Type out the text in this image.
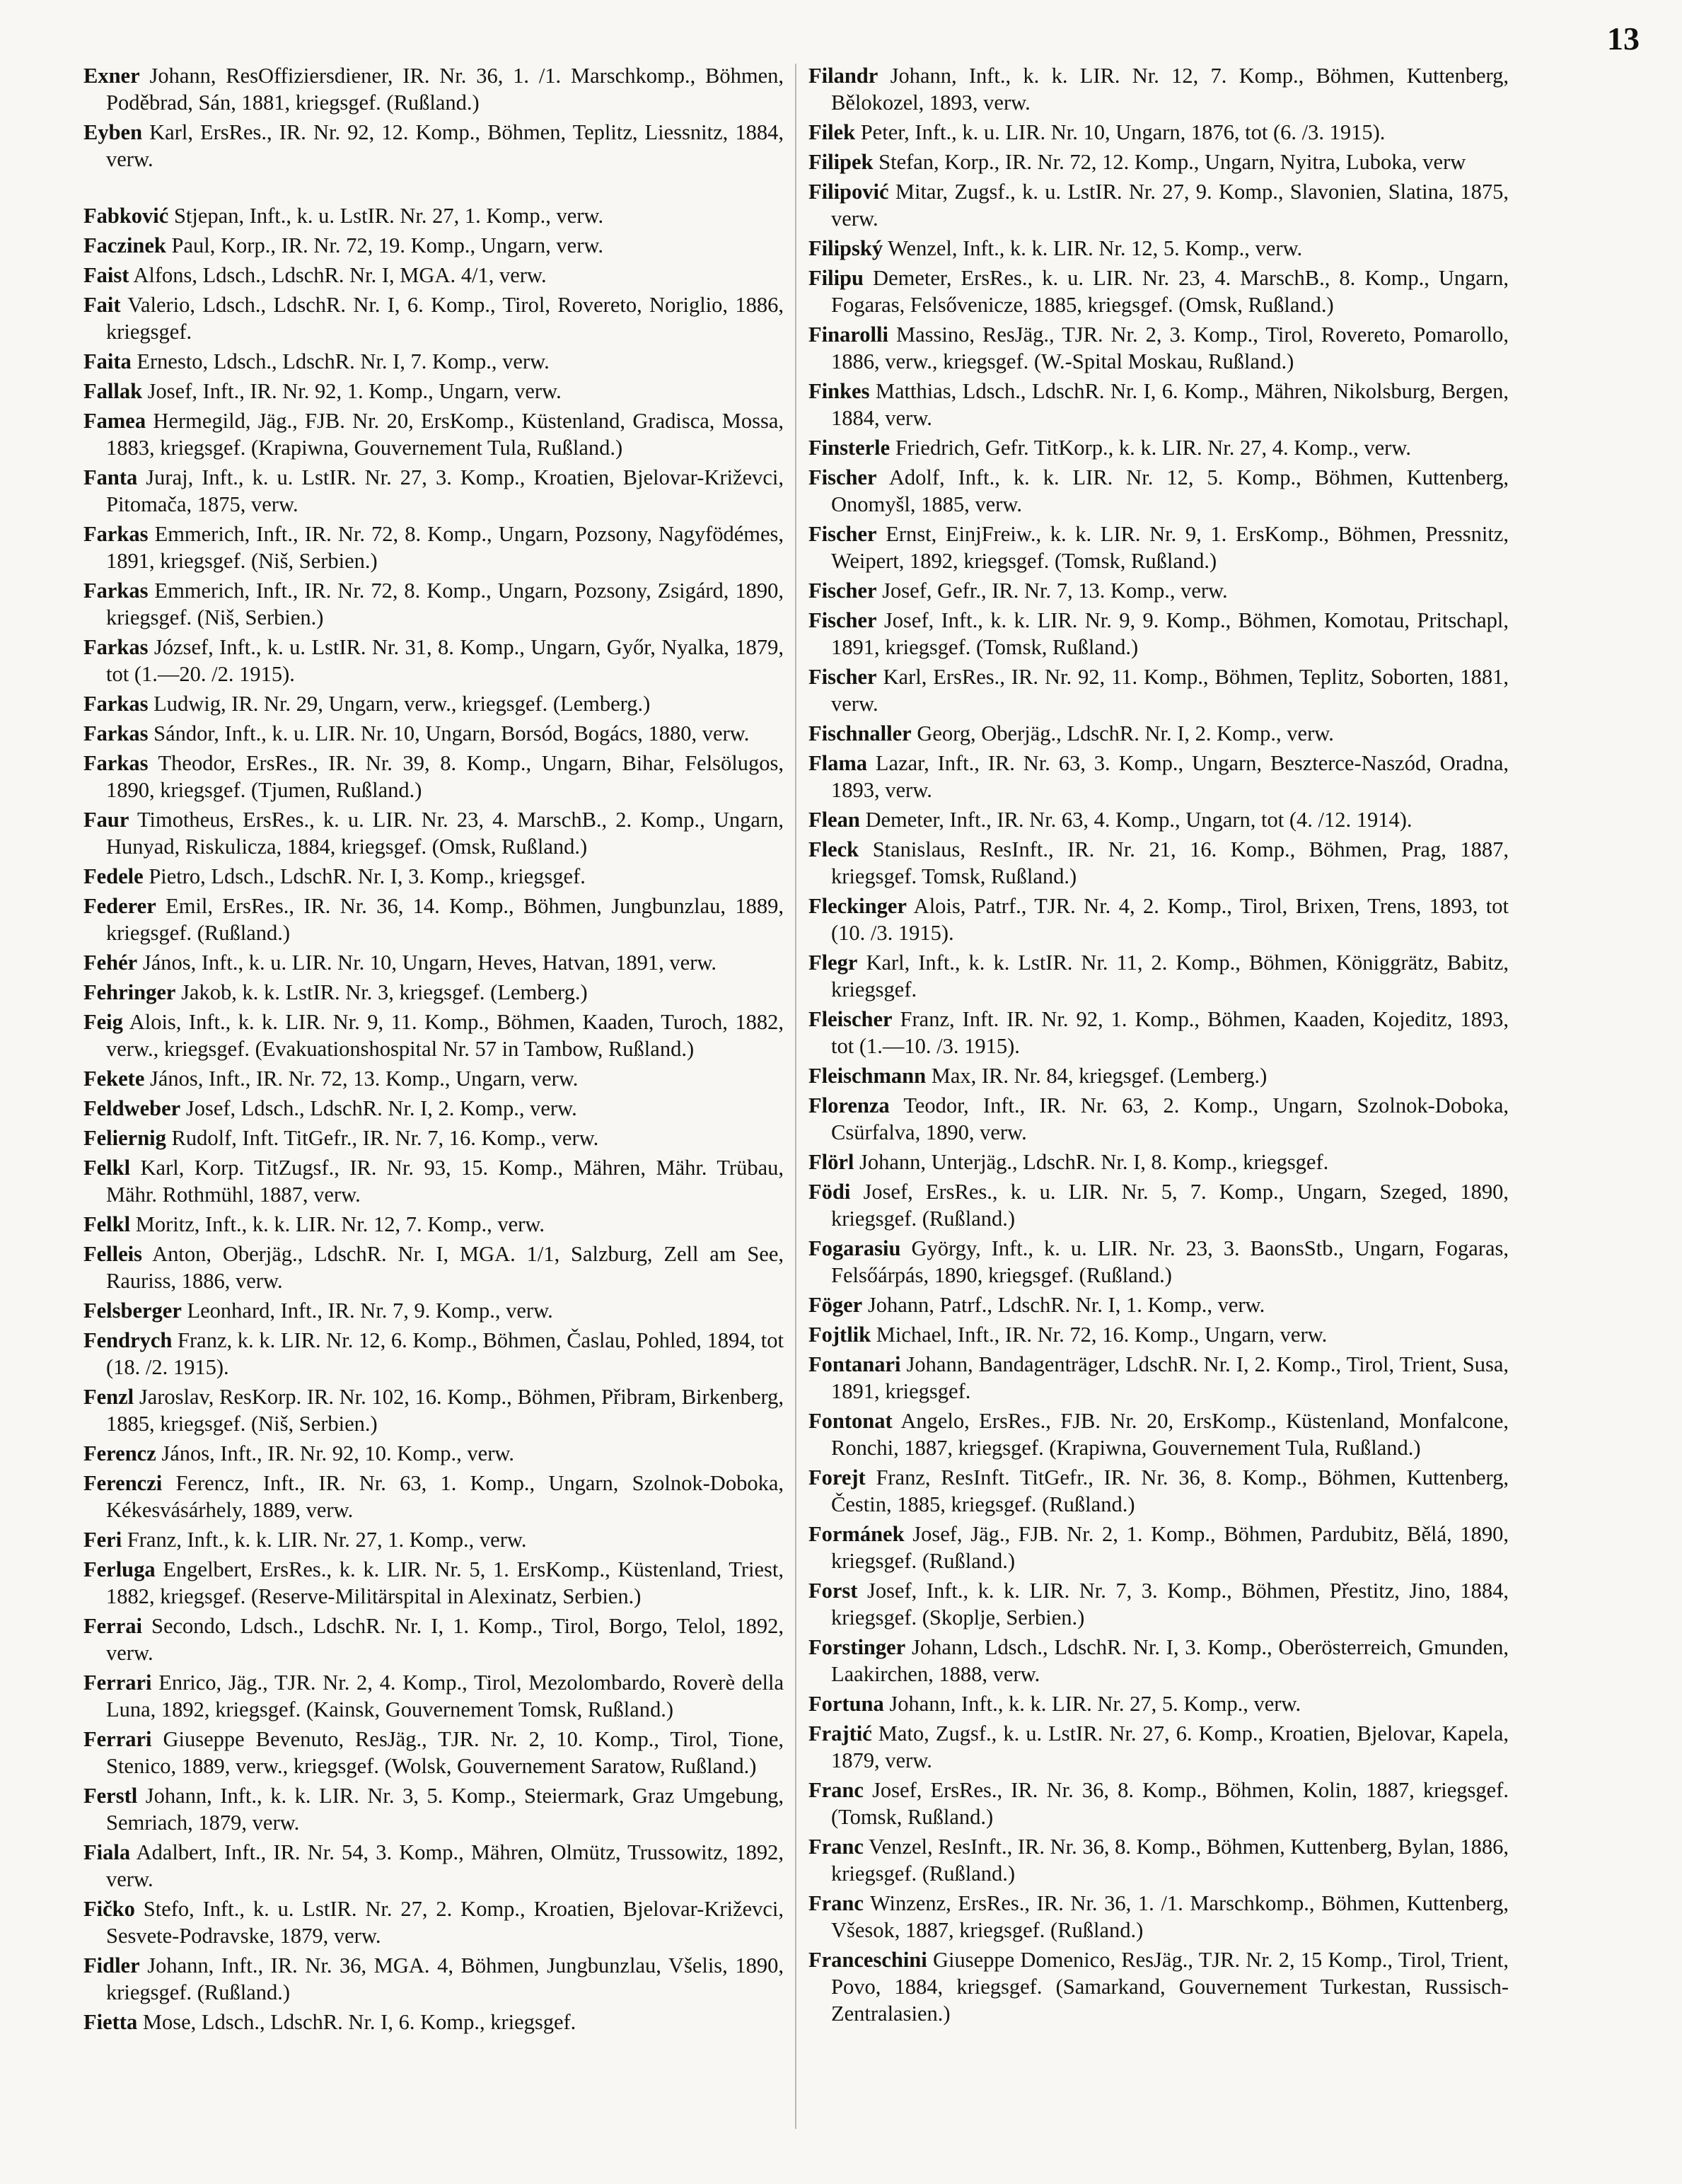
13

Exner Johann, ResOffiziersdiener, IR. Nr. 36, 1. /1. Marschkomp., Böhmen, Poděbrad, Sán, 1881, kriegsgef. (Rußland.)

Eyben Karl, ErsRes., IR. Nr. 92, 12. Komp., Böhmen, Teplitz, Liessnitz, 1884, verw.

Fabković Stjepan, Inft., k. u. LstIR. Nr. 27, 1. Komp., verw.

Faczinek Paul, Korp., IR. Nr. 72, 19. Komp., Ungarn, verw.

Faist Alfons, Ldsch., LdschR. Nr. I, MGA. 4/1, verw.

Fait Valerio, Ldsch., LdschR. Nr. I, 6. Komp., Tirol, Rovereto, Noriglio, 1886, kriegsgef.

Faita Ernesto, Ldsch., LdschR. Nr. I, 7. Komp., verw.

Fallak Josef, Inft., IR. Nr. 92, 1. Komp., Ungarn, verw.

Famea Hermegild, Jäg., FJB. Nr. 20, ErsKomp., Küstenland, Gradisca, Mossa, 1883, kriegsgef. (Krapiwna, Gouvernement Tula, Rußland.)

Fanta Juraj, Inft., k. u. LstIR. Nr. 27, 3. Komp., Kroatien, Bjelovar-Križevci, Pitomača, 1875, verw.

Farkas Emmerich, Inft., IR. Nr. 72, 8. Komp., Ungarn, Pozsony, Nagyfödémes, 1891, kriegsgef. (Niš, Serbien.)

Farkas Emmerich, Inft., IR. Nr. 72, 8. Komp., Ungarn, Pozsony, Zsigárd, 1890, kriegsgef. (Niš, Serbien.)

Farkas József, Inft., k. u. LstIR. Nr. 31, 8. Komp., Ungarn, Győr, Nyalka, 1879, tot (1.—20. /2. 1915).

Farkas Ludwig, IR. Nr. 29, Ungarn, verw., kriegsgef. (Lemberg.)

Farkas Sándor, Inft., k. u. LIR. Nr. 10, Ungarn, Borsód, Bogács, 1880, verw.

Farkas Theodor, ErsRes., IR. Nr. 39, 8. Komp., Ungarn, Bihar, Felsölugos, 1890, kriegsgef. (Tjumen, Rußland.)

Faur Timotheus, ErsRes., k. u. LIR. Nr. 23, 4. MarschB., 2. Komp., Ungarn, Hunyad, Riskulicza, 1884, kriegsgef. (Omsk, Rußland.)

Fedele Pietro, Ldsch., LdschR. Nr. I, 3. Komp., kriegsgef.

Federer Emil, ErsRes., IR. Nr. 36, 14. Komp., Böhmen, Jungbunzlau, 1889, kriegsgef. (Rußland.)

Fehér János, Inft., k. u. LIR. Nr. 10, Ungarn, Heves, Hatvan, 1891, verw.

Fehringer Jakob, k. k. LstIR. Nr. 3, kriegsgef. (Lemberg.)

Feig Alois, Inft., k. k. LIR. Nr. 9, 11. Komp., Böhmen, Kaaden, Turoch, 1882, verw., kriegsgef. (Evakuationshospital Nr. 57 in Tambow, Rußland.)

Fekete János, Inft., IR. Nr. 72, 13. Komp., Ungarn, verw.

Feldweber Josef, Ldsch., LdschR. Nr. I, 2. Komp., verw.

Feliernig Rudolf, Inft. TitGefr., IR. Nr. 7, 16. Komp., verw.

Felkl Karl, Korp. TitZugsf., IR. Nr. 93, 15. Komp., Mähren, Mähr. Trübau, Mähr. Rothmühl, 1887, verw.

Felkl Moritz, Inft., k. k. LIR. Nr. 12, 7. Komp., verw.

Felleis Anton, Oberjäg., LdschR. Nr. I, MGA. 1/1, Salzburg, Zell am See, Rauriss, 1886, verw.

Felsberger Leonhard, Inft., IR. Nr. 7, 9. Komp., verw.

Fendrych Franz, k. k. LIR. Nr. 12, 6. Komp., Böhmen, Časlau, Pohled, 1894, tot (18. /2. 1915).

Fenzl Jaroslav, ResKorp. IR. Nr. 102, 16. Komp., Böhmen, Přibram, Birkenberg, 1885, kriegsgef. (Niš, Serbien.)

Ferencz János, Inft., IR. Nr. 92, 10. Komp., verw.

Ferenczi Ferencz, Inft., IR. Nr. 63, 1. Komp., Ungarn, Szolnok-Doboka, Kékesvásárhely, 1889, verw.

Feri Franz, Inft., k. k. LIR. Nr. 27, 1. Komp., verw.

Ferluga Engelbert, ErsRes., k. k. LIR. Nr. 5, 1. ErsKomp., Küstenland, Triest, 1882, kriegsgef. (Reserve-Militärspital in Alexinatz, Serbien.)

Ferrai Secondo, Ldsch., LdschR. Nr. I, 1. Komp., Tirol, Borgo, Telol, 1892, verw.

Ferrari Enrico, Jäg., TJR. Nr. 2, 4. Komp., Tirol, Mezolombardo, Roverè della Luna, 1892, kriegsgef. (Kainsk, Gouvernement Tomsk, Rußland.)

Ferrari Giuseppe Bevenuto, ResJäg., TJR. Nr. 2, 10. Komp., Tirol, Tione, Stenico, 1889, verw., kriegsgef. (Wolsk, Gouvernement Saratow, Rußland.)

Ferstl Johann, Inft., k. k. LIR. Nr. 3, 5. Komp., Steiermark, Graz Umgebung, Semriach, 1879, verw.

Fiala Adalbert, Inft., IR. Nr. 54, 3. Komp., Mähren, Olmütz, Trussowitz, 1892, verw.

Fičko Stefo, Inft., k. u. LstIR. Nr. 27, 2. Komp., Kroatien, Bjelovar-Križevci, Sesvete-Podravske, 1879, verw.

Fidler Johann, Inft., IR. Nr. 36, MGA. 4, Böhmen, Jungbunzlau, Všelis, 1890, kriegsgef. (Rußland.)

Fietta Mose, Ldsch., LdschR. Nr. I, 6. Komp., kriegsgef.

Filandr Johann, Inft., k. k. LIR. Nr. 12, 7. Komp., Böhmen, Kuttenberg, Bělokozel, 1893, verw.

Filek Peter, Inft., k. u. LIR. Nr. 10, Ungarn, 1876, tot (6. /3. 1915).

Filipek Stefan, Korp., IR. Nr. 72, 12. Komp., Ungarn, Nyitra, Luboka, verw

Filipović Mitar, Zugsf., k. u. LstIR. Nr. 27, 9. Komp., Slavonien, Slatina, 1875, verw.

Filipský Wenzel, Inft., k. k. LIR. Nr. 12, 5. Komp., verw.

Filipu Demeter, ErsRes., k. u. LIR. Nr. 23, 4. MarschB., 8. Komp., Ungarn, Fogaras, Felsővenicze, 1885, kriegsgef. (Omsk, Rußland.)

Finarolli Massino, ResJäg., TJR. Nr. 2, 3. Komp., Tirol, Rovereto, Pomarollo, 1886, verw., kriegsgef. (W.-Spital Moskau, Rußland.)

Finkes Matthias, Ldsch., LdschR. Nr. I, 6. Komp., Mähren, Nikolsburg, Bergen, 1884, verw.

Finsterle Friedrich, Gefr. TitKorp., k. k. LIR. Nr. 27, 4. Komp., verw.

Fischer Adolf, Inft., k. k. LIR. Nr. 12, 5. Komp., Böhmen, Kuttenberg, Onomyšl, 1885, verw.

Fischer Ernst, EinjFreiw., k. k. LIR. Nr. 9, 1. ErsKomp., Böhmen, Pressnitz, Weipert, 1892, kriegsgef. (Tomsk, Rußland.)

Fischer Josef, Gefr., IR. Nr. 7, 13. Komp., verw.

Fischer Josef, Inft., k. k. LIR. Nr. 9, 9. Komp., Böhmen, Komotau, Pritschapl, 1891, kriegsgef. (Tomsk, Rußland.)

Fischer Karl, ErsRes., IR. Nr. 92, 11. Komp., Böhmen, Teplitz, Soborten, 1881, verw.

Fischnaller Georg, Oberjäg., LdschR. Nr. I, 2. Komp., verw.

Flama Lazar, Inft., IR. Nr. 63, 3. Komp., Ungarn, Beszterce-Naszód, Oradna, 1893, verw.

Flean Demeter, Inft., IR. Nr. 63, 4. Komp., Ungarn, tot (4. /12. 1914).

Fleck Stanislaus, ResInft., IR. Nr. 21, 16. Komp., Böhmen, Prag, 1887, kriegsgef. Tomsk, Rußland.)

Fleckinger Alois, Patrf., TJR. Nr. 4, 2. Komp., Tirol, Brixen, Trens, 1893, tot (10. /3. 1915).

Flegr Karl, Inft., k. k. LstIR. Nr. 11, 2. Komp., Böhmen, Königgrätz, Babitz, kriegsgef.

Fleischer Franz, Inft. IR. Nr. 92, 1. Komp., Böhmen, Kaaden, Kojeditz, 1893, tot (1.—10. /3. 1915).

Fleischmann Max, IR. Nr. 84, kriegsgef. (Lemberg.)

Florenza Teodor, Inft., IR. Nr. 63, 2. Komp., Ungarn, Szolnok-Doboka, Csürfalva, 1890, verw.

Flörl Johann, Unterjäg., LdschR. Nr. I, 8. Komp., kriegsgef.

Födi Josef, ErsRes., k. u. LIR. Nr. 5, 7. Komp., Ungarn, Szeged, 1890, kriegsgef. (Rußland.)

Fogarasiu György, Inft., k. u. LIR. Nr. 23, 3. BaonsStb., Ungarn, Fogaras, Felsőárpás, 1890, kriegsgef. (Rußland.)

Föger Johann, Patrf., LdschR. Nr. I, 1. Komp., verw.

Fojtlik Michael, Inft., IR. Nr. 72, 16. Komp., Ungarn, verw.

Fontanari Johann, Bandagenträger, LdschR. Nr. I, 2. Komp., Tirol, Trient, Susa, 1891, kriegsgef.

Fontonat Angelo, ErsRes., FJB. Nr. 20, ErsKomp., Küstenland, Monfalcone, Ronchi, 1887, kriegsgef. (Krapiwna, Gouvernement Tula, Rußland.)

Forejt Franz, ResInft. TitGefr., IR. Nr. 36, 8. Komp., Böhmen, Kuttenberg, Čestin, 1885, kriegsgef. (Rußland.)

Formánek Josef, Jäg., FJB. Nr. 2, 1. Komp., Böhmen, Pardubitz, Bělá, 1890, kriegsgef. (Rußland.)

Forst Josef, Inft., k. k. LIR. Nr. 7, 3. Komp., Böhmen, Přestitz, Jino, 1884, kriegsgef. (Skoplje, Serbien.)

Forstinger Johann, Ldsch., LdschR. Nr. I, 3. Komp., Oberösterreich, Gmunden, Laakirchen, 1888, verw.

Fortuna Johann, Inft., k. k. LIR. Nr. 27, 5. Komp., verw.

Frajtić Mato, Zugsf., k. u. LstIR. Nr. 27, 6. Komp., Kroatien, Bjelovar, Kapela, 1879, verw.

Franc Josef, ErsRes., IR. Nr. 36, 8. Komp., Böhmen, Kolin, 1887, kriegsgef. (Tomsk, Rußland.)

Franc Venzel, ResInft., IR. Nr. 36, 8. Komp., Böhmen, Kuttenberg, Bylan, 1886, kriegsgef. (Rußland.)

Franc Winzenz, ErsRes., IR. Nr. 36, 1. /1. Marschkomp., Böhmen, Kuttenberg, Všesok, 1887, kriegsgef. (Rußland.)

Franceschini Giuseppe Domenico, ResJäg., TJR. Nr. 2, 15 Komp., Tirol, Trient, Povo, 1884, kriegsgef. (Samarkand, Gouvernement Turkestan, Russisch-Zentralasien.)
